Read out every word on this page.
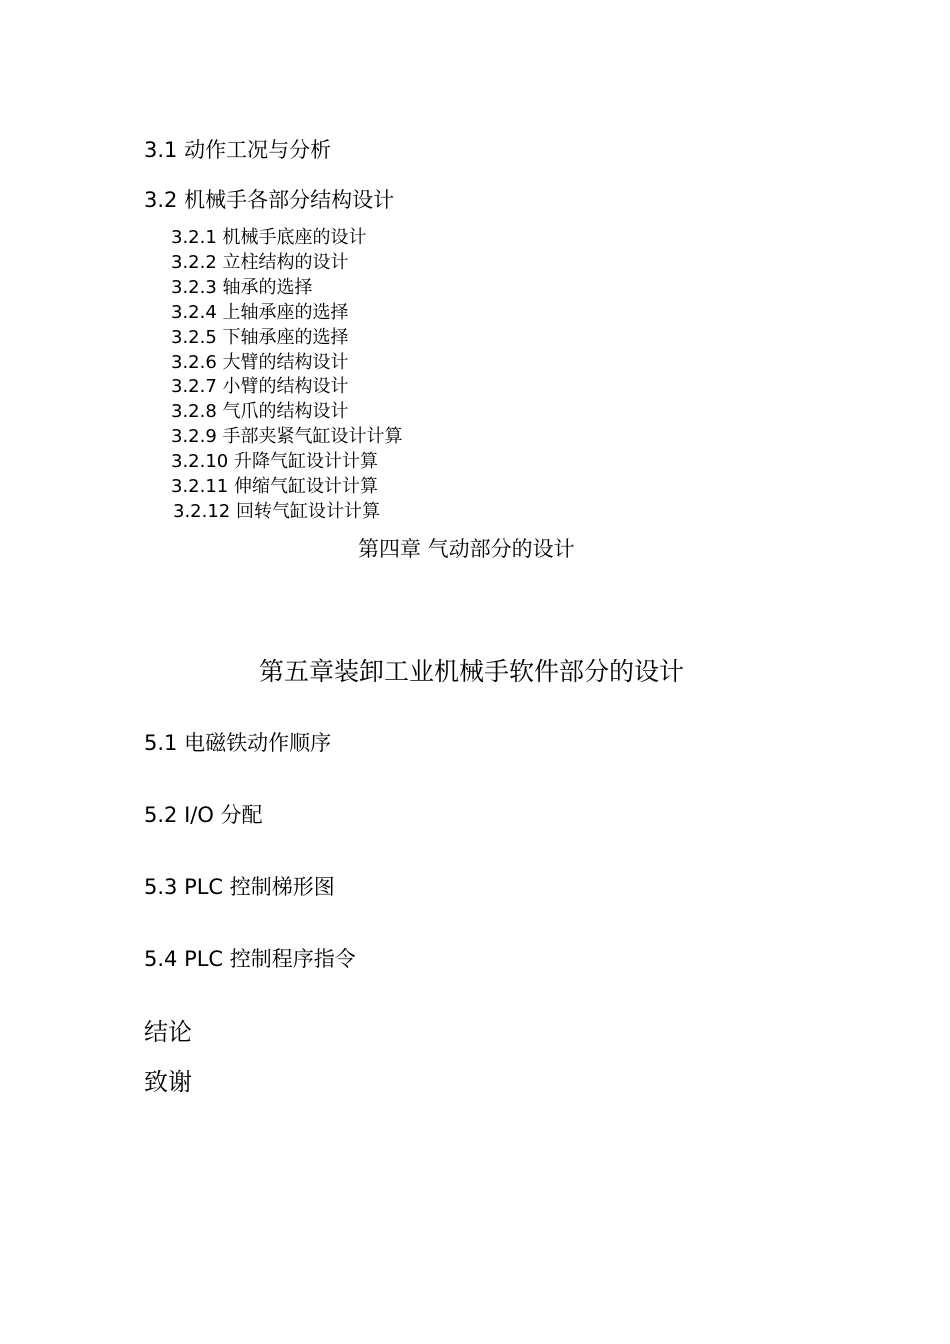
3.1 动作工况与分析
3.2 机械手各部分结构设计
3.2.1 机械手底座的设计
3.2.2 立柱结构的设计
3.2.3 轴承的选择
3.2.4 上轴承座的选择
3.2.5 下轴承座的选择
3.2.6 大臂的结构设计
3.2.7 小臂的结构设计
3.2.8 气爪的结构设计
3.2.9 手部夹紧气缸设计计算
3.2.10 升降气缸设计计算
3.2.11 伸缩气缸设计计算
3.2.12 回转气缸设计计算
第四章 气动部分的设计
第五章装卸工业机械手软件部分的设计
5.1 电磁铁动作顺序
5.2 I/O 分配
5.3 PLC 控制梯形图
5.4 PLC 控制程序指令
结论
致谢
